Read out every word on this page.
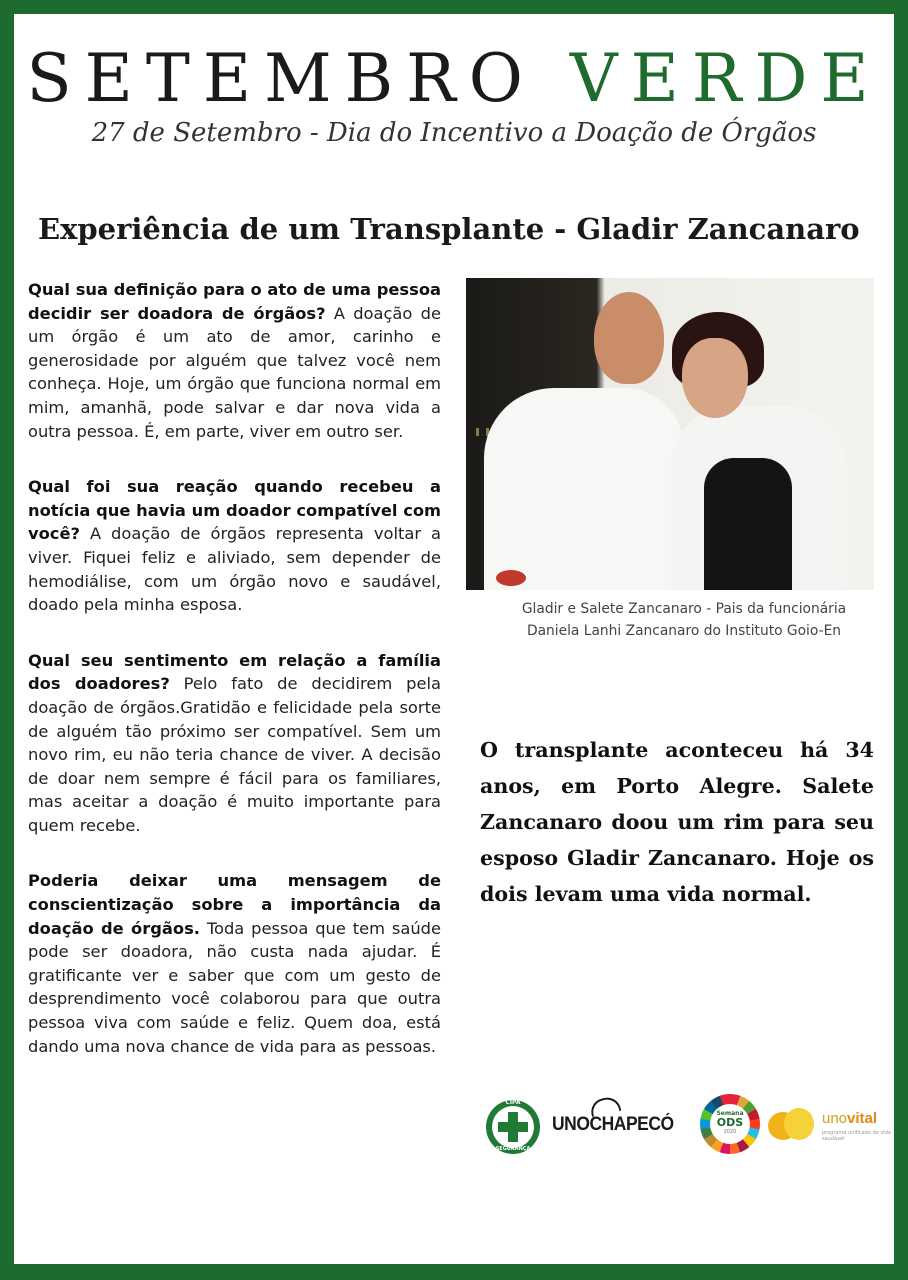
SETEMBRO VERDE
27 de Setembro - Dia do Incentivo a Doação de Órgãos
Experiência de um Transplante - Gladir Zancanaro

Qual sua definição para o ato de uma pessoa decidir ser doadora de órgãos? A doação de um órgão é um ato de amor, carinho e generosidade por alguém que talvez você nem conheça. Hoje, um órgão que funciona normal em mim, amanhã, pode salvar e dar nova vida a outra pessoa. É, em parte, viver em outro ser.

Qual foi sua reação quando recebeu a notícia que havia um doador compatível com você? A doação de órgãos representa voltar a viver. Fiquei feliz e aliviado, sem depender de hemodiálise, com um órgão novo e saudável, doado pela minha esposa.

Qual seu sentimento em relação a família dos doadores? Pelo fato de decidirem pela doação de órgãos.Gratidão e felicidade pela sorte de alguém tão próximo ser compatível. Sem um novo rim, eu não teria chance de viver. A decisão de doar nem sempre é fácil para os familiares, mas aceitar a doação é muito importante para quem recebe.

Poderia deixar uma mensagem de conscientização sobre a importância da doação de órgãos. Toda pessoa que tem saúde pode ser doadora, não custa nada ajudar. É gratificante ver e saber que com um gesto de desprendimento você colaborou para que outra pessoa viva com saúde e feliz. Quem doa, está dando uma nova chance de vida para as pessoas.

Gladir e Salete Zancanaro - Pais da funcionária
Daniela Lanhi Zancanaro do Instituto Goio-En
O transplante aconteceu há 34 anos, em Porto Alegre. Salete Zancanaro doou um rim para seu esposo Gladir Zancanaro. Hoje os dois levam uma vida normal.
CIPA
SEGURANÇA
UNOCHAPECÓ
Semana
ODS
2020
unovital
programa unificado de vida saudável
